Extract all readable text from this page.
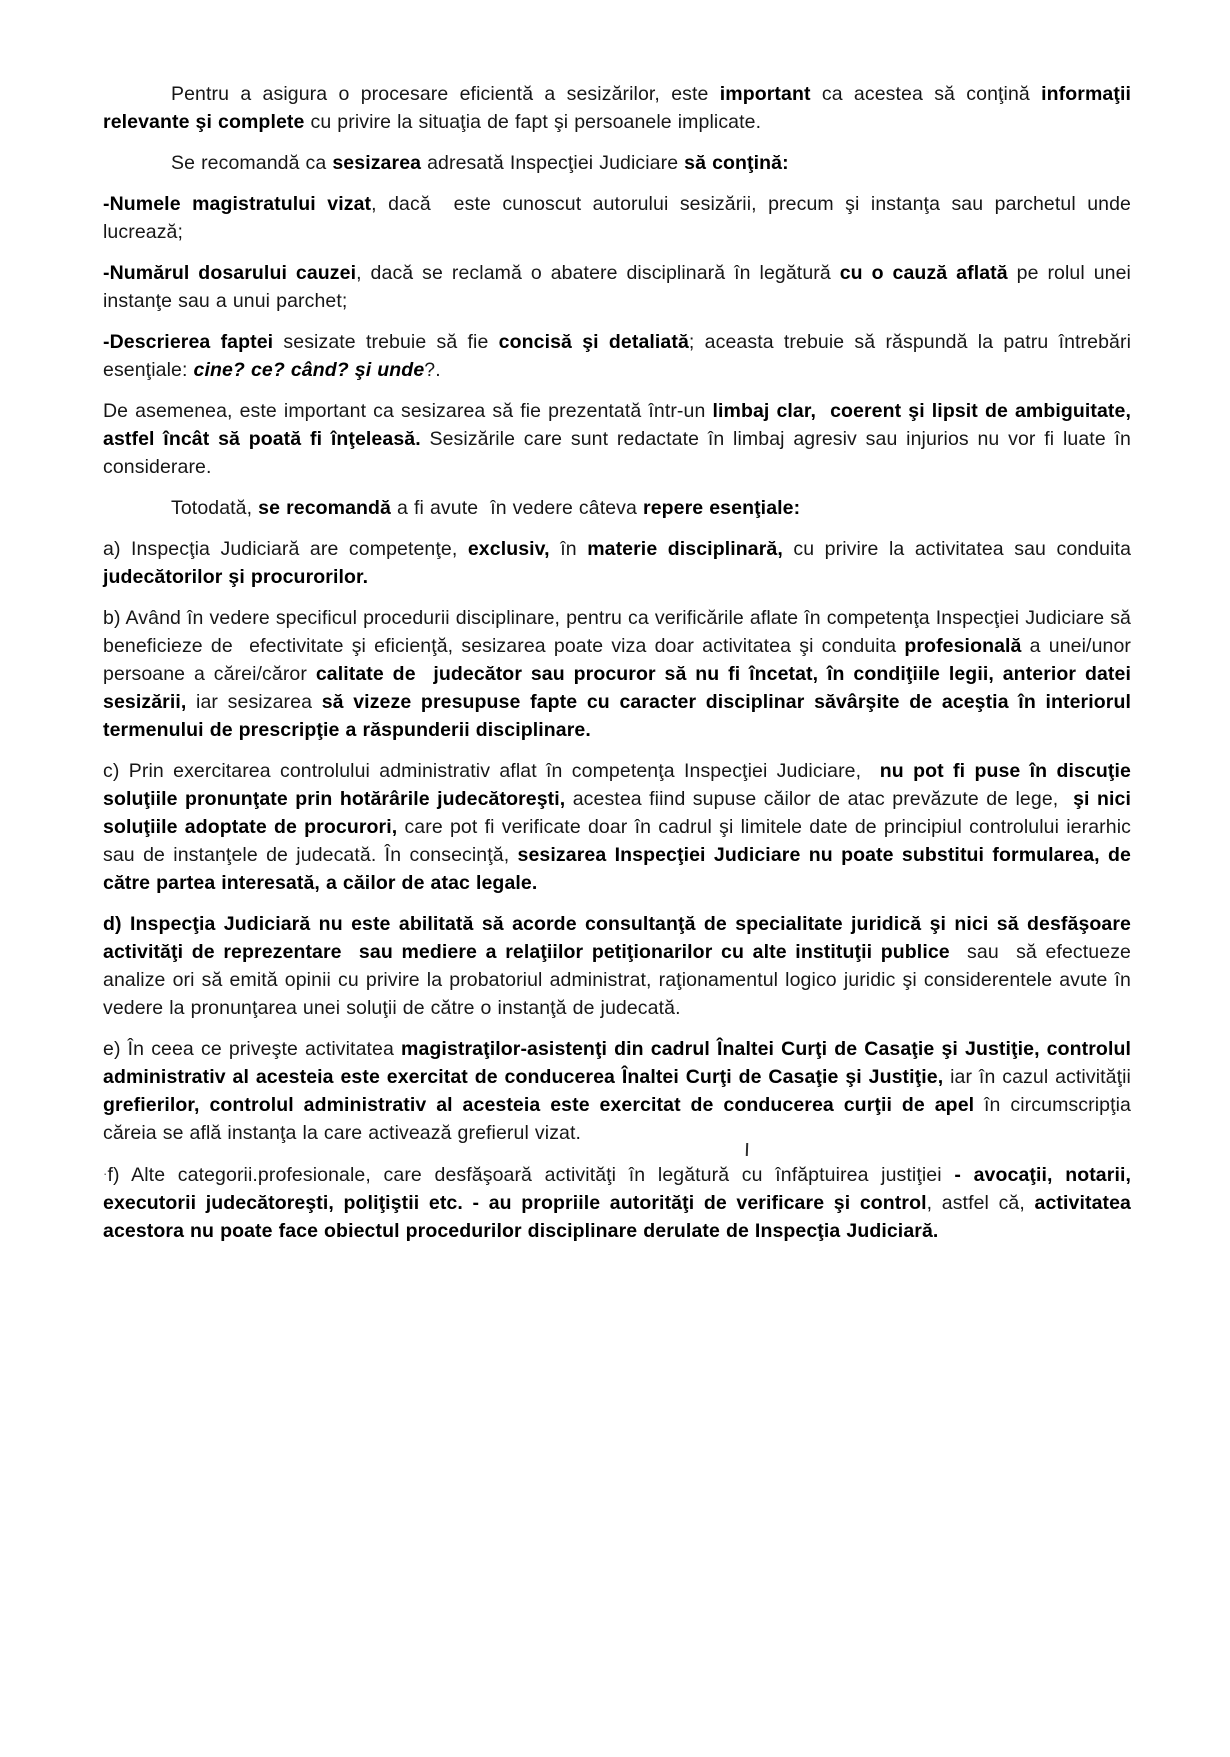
Pentru a asigura o procesare eficientă a sesizărilor, este important ca acestea să conţină informaţii relevante şi complete cu privire la situaţia de fapt şi persoanele implicate.

Se recomandă ca sesizarea adresată Inspecţiei Judiciare să conţină:

-Numele magistratului vizat, dacă  este cunoscut autorului sesizării, precum şi instanţa sau parchetul unde lucrează;

-Numărul dosarului cauzei, dacă se reclamă o abatere disciplinară în legătură cu o cauză aflată pe rolul unei instanţe sau a unui parchet;

-Descrierea faptei sesizate trebuie să fie concisă şi detaliată; aceasta trebuie să răspundă la patru întrebări esenţiale: cine? ce? când? şi unde?.

De asemenea, este important ca sesizarea să fie prezentată într-un limbaj clar,  coerent şi lipsit de ambiguitate, astfel încât să poată fi înţeleasă. Sesizările care sunt redactate în limbaj agresiv sau injurios nu vor fi luate în considerare.

Totodată, se recomandă a fi avute  în vedere câteva repere esenţiale:

a) Inspecţia Judiciară are competenţe, exclusiv, în materie disciplinară, cu privire la activitatea sau conduita judecătorilor şi procurorilor.

b) Având în vedere specificul procedurii disciplinare, pentru ca verificările aflate în competenţa Inspecţiei Judiciare să beneficieze de  efectivitate şi eficienţă, sesizarea poate viza doar activitatea şi conduita profesională a unei/unor persoane a cărei/căror calitate de  judecător sau procuror să nu fi încetat, în condiţiile legii, anterior datei sesizării, iar sesizarea să vizeze presupuse fapte cu caracter disciplinar săvârşite de aceştia în interiorul termenului de prescripţie a răspunderii disciplinare.

c) Prin exercitarea controlului administrativ aflat în competenţa Inspecţiei Judiciare,  nu pot fi puse în discuţie soluţiile pronunţate prin hotărârile judecătoreşti, acestea fiind supuse căilor de atac prevăzute de lege,  şi nici soluţiile adoptate de procurori, care pot fi verificate doar în cadrul şi limitele date de principiul controlului ierarhic sau de instanţele de judecată. În consecinţă, sesizarea Inspecţiei Judiciare nu poate substitui formularea, de către partea interesată, a căilor de atac legale.

d) Inspecţia Judiciară nu este abilitată să acorde consultanţă de specialitate juridică şi nici să desfăşoare activităţi de reprezentare  sau mediere a relaţiilor petiţionarilor cu alte instituţii publice  sau  să efectueze analize ori să emită opinii cu privire la probatoriul administrat, raţionamentul logico juridic şi considerentele avute în vedere la pronunţarea unei soluţii de către o instanţă de judecată.

e) În ceea ce priveşte activitatea magistraţilor-asistenţi din cadrul Înaltei Curţi de Casaţie şi Justiţie, controlul administrativ al acesteia este exercitat de conducerea Înaltei Curţi de Casaţie şi Justiţie, iar în cazul activităţii grefierilor, controlul administrativ al acesteia este exercitat de conducerea curţii de apel în circumscripţia căreia se află instanţa la care activează grefierul vizat.

·f) Alte categorii.profesionale, care desfăşoară activităţi în legătură cu înfăptuirea justiţiei - avocaţii, notarii, executorii judecătoreşti, poliţiştii etc. - au propriile autorităţi de verificare şi control, astfel că, activitatea acestora nu poate face obiectul procedurilor disciplinare derulate de Inspecţia Judiciară.
